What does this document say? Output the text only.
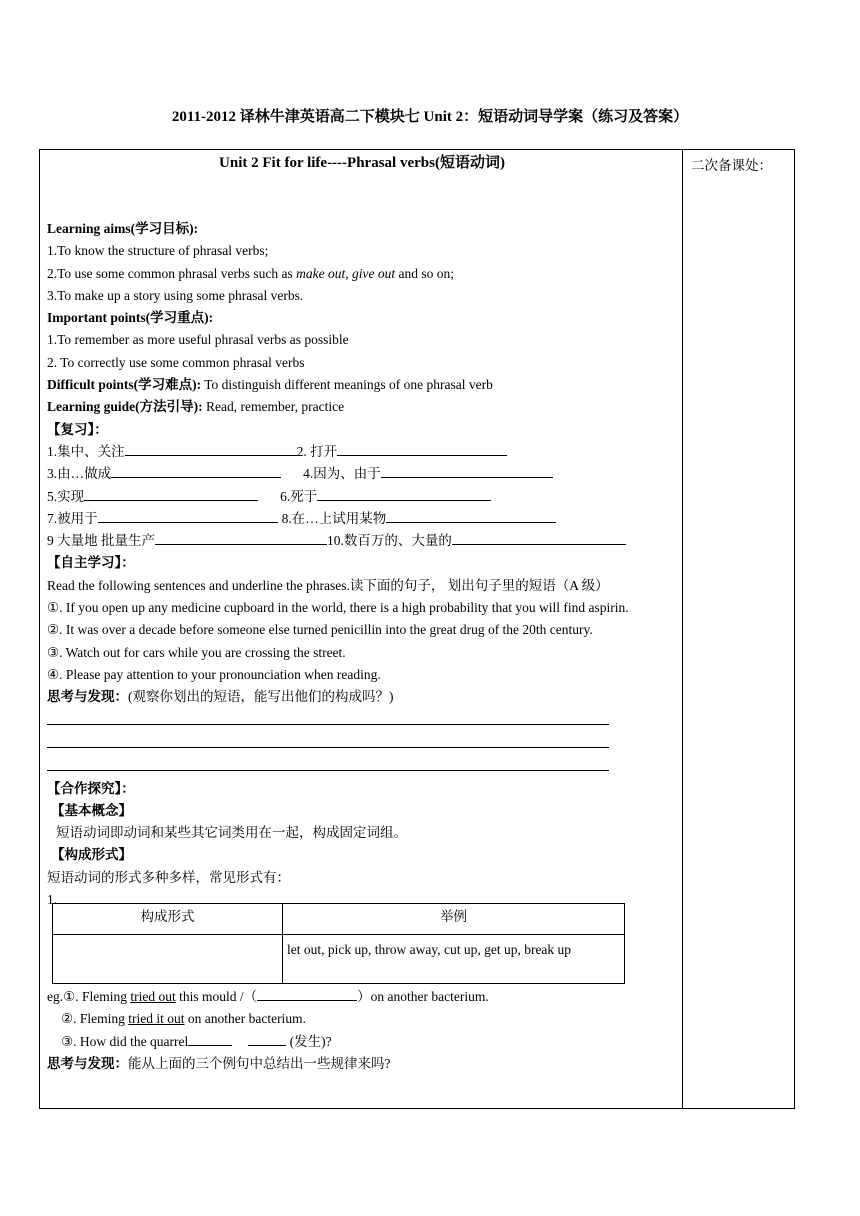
2011-2012 译林牛津英语高二下模块七 Unit 2：短语动词导学案（练习及答案）
Unit 2 Fit for life----Phrasal verbs(短语动词)
Learning aims(学习目标):
1.To know the structure of phrasal verbs;
2.To use some common phrasal verbs such as make out, give out and so on;
3.To make up a story using some phrasal verbs.
Important points(学习重点):
1.To remember as more useful phrasal verbs as possible
2. To correctly use some common phrasal verbs
Difficult points(学习难点): To distinguish different meanings of one phrasal verb
Learning guide(方法引导): Read, remember, practice
【复习】：
1.集中、关注	2. 打开
3.由…做成	4.因为、由于
5.实现	6.死于
7.被用于	8.在…上试用某物
9 大量地 批量生产	10.数百万的、大量的
【自主学习】：
Read the following sentences and underline the phrases.读下面的句子， 划出句子里的短语（A 级）
①. If you open up any medicine cupboard in the world, there is a high probability that you will find aspirin.
②. It was over a decade before someone else turned penicillin into the great drug of the 20th century.
③. Watch out for cars while you are crossing the street.
④. Please pay attention to your pronounciation when reading.
思考与发现：(观察你划出的短语，能写出他们的构成吗？)
【合作探究】：
【基本概念】
短语动词即动词和某些其它词类用在一起，构成固定词组。
【构成形式】
短语动词的形式多种多样，常见形式有：
1.
构成形式	举例

	let out, pick up, throw away, cut up, get up, break up
eg.①. Fleming tried out this mould /（	）on another bacterium.
②. Fleming tried it out on another bacterium.
③. How did the quarrel	(发生)?
思考与发现：能从上面的三个例句中总结出一些规律来吗?
二次备课处：
